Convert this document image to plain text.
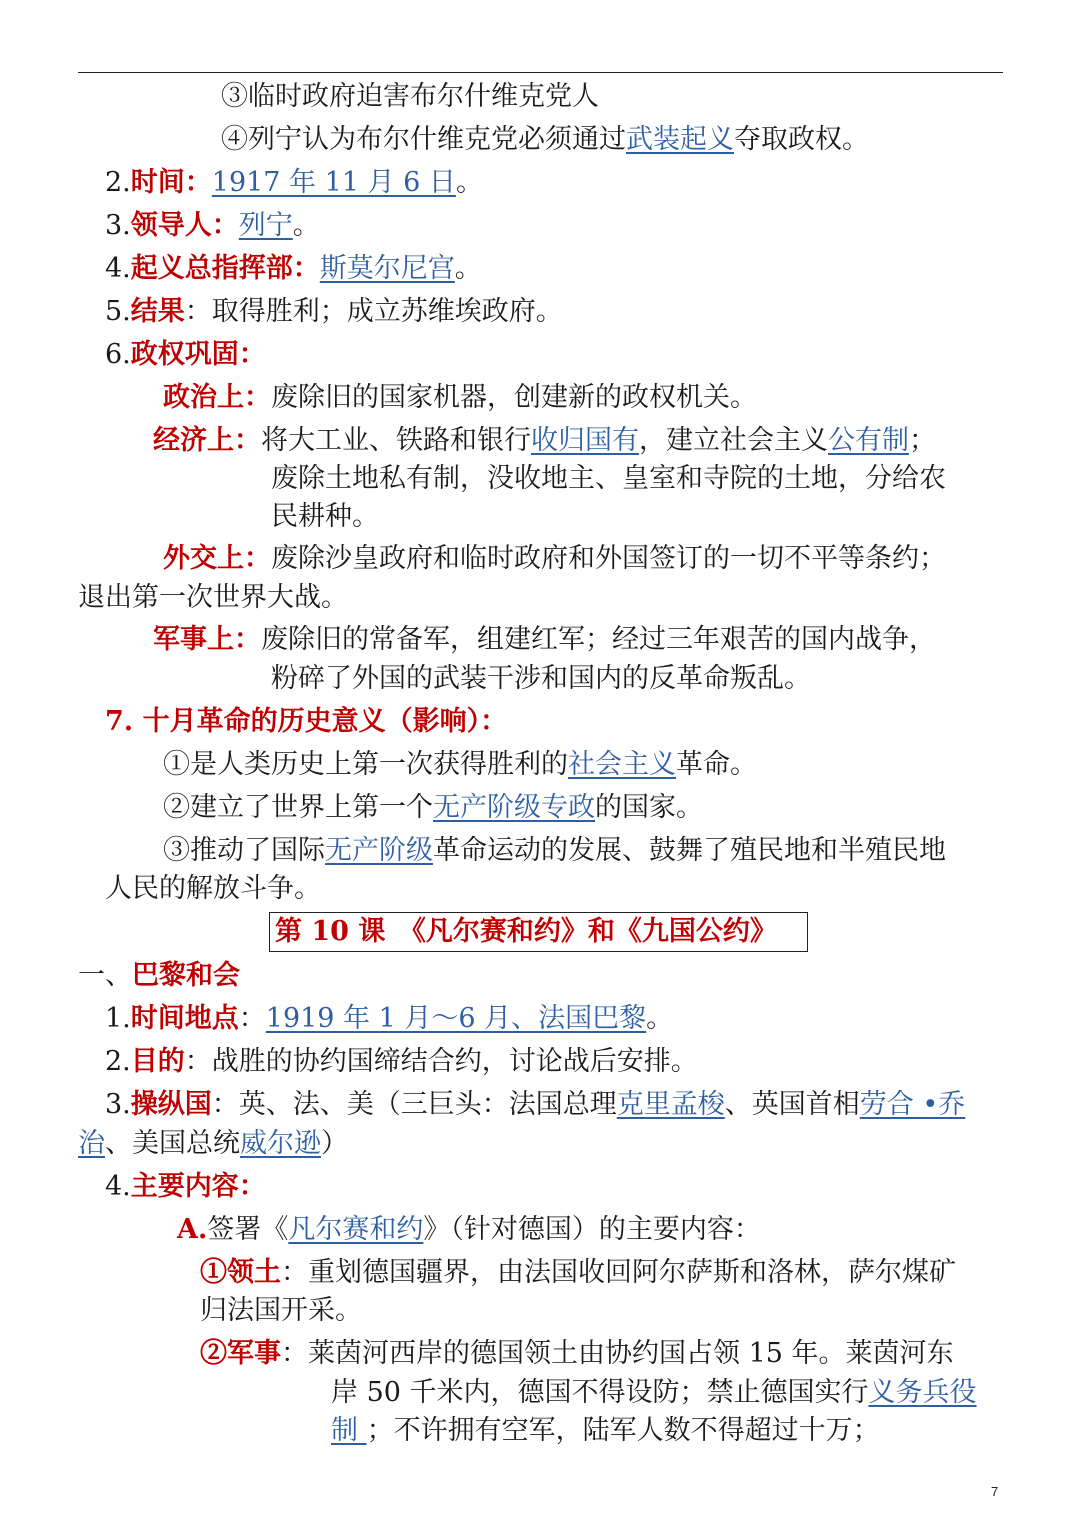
③临时政府迫害布尔什维克党人
④列宁认为布尔什维克党必须通过武装起义夺取政权。
2.时间：1917 年 11 月 6 日。
3.领导人：列宁。
4.起义总指挥部：斯莫尔尼宫。
5.结果：取得胜利；成立苏维埃政府。
6.政权巩固：
政治上：废除旧的国家机器，创建新的政权机关。
经济上：将大工业、铁路和银行收归国有，建立社会主义公有制；
废除土地私有制，没收地主、皇室和寺院的土地，分给农
民耕种。
外交上：废除沙皇政府和临时政府和外国签订的一切不平等条约；
退出第一次世界大战。
军事上：废除旧的常备军，组建红军；经过三年艰苦的国内战争，
粉碎了外国的武装干涉和国内的反革命叛乱。
7. 十月革命的历史意义（影响）：
①是人类历史上第一次获得胜利的社会主义革命。
②建立了世界上第一个无产阶级专政的国家。
③推动了国际无产阶级革命运动的发展、鼓舞了殖民地和半殖民地
人民的解放斗争。
第 10 课　《凡尔赛和约》和《九国公约》
一、巴黎和会
1.时间地点：1919 年 1 月～6 月、法国巴黎。
2.目的：战胜的协约国缔结合约，讨论战后安排。
3.操纵国：英、法、美（三巨头：法国总理克里孟梭、英国首相劳合 •乔
治、美国总统威尔逊）
4.主要内容：
A.签署《凡尔赛和约》（针对德国）的主要内容：
①领土：重划德国疆界，由法国收回阿尔萨斯和洛林，萨尔煤矿
归法国开采。
②军事：莱茵河西岸的德国领土由协约国占领 15 年。莱茵河东
岸 50 千米内，德国不得设防；禁止德国实行义务兵役
制 ；不许拥有空军，陆军人数不得超过十万；
7
